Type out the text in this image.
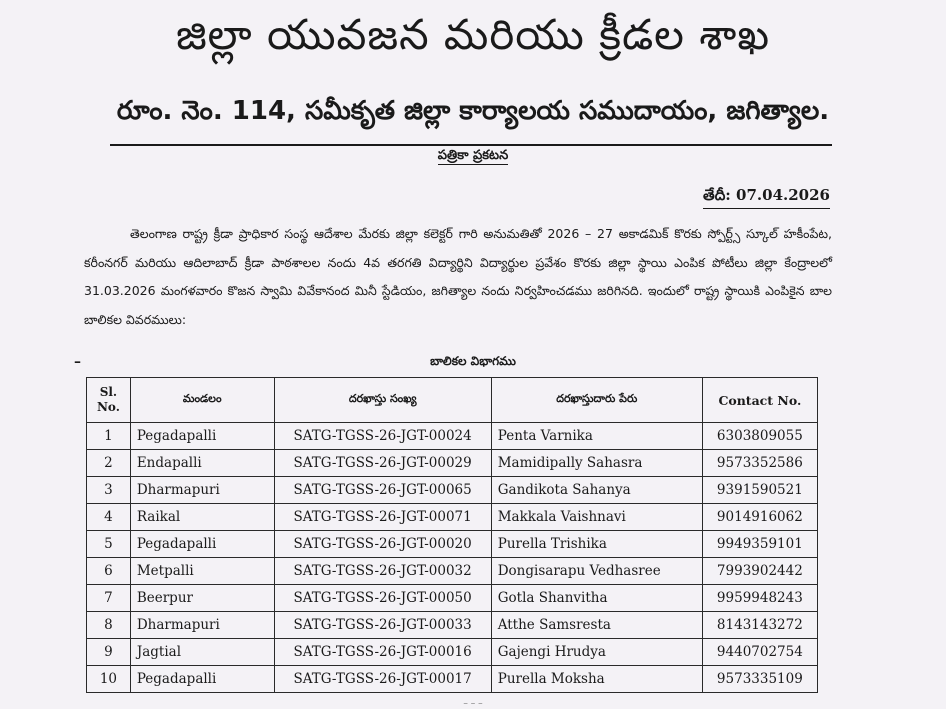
జిల్లా యువజన మరియు క్రీడల శాఖ
రూం. నెం. 114, సమీకృత జిల్లా కార్యాలయ సముదాయం, జగిత్యాల.
పత్రికా ప్రకటన
తేదీ: 07.04.2026
తెలంగాణ రాష్ట్ర క్రీడా ప్రాధికార సంస్థ ఆదేశాల మేరకు జిల్లా కలెక్టర్ గారి అనుమతితో 2026 – 27 అకాడమిక్ కొరకు స్పోర్ట్స్ స్కూల్ హకీంపేట, కరీంనగర్ మరియు ఆదిలాబాద్ క్రీడా పాఠశాలల నందు 4వ తరగతి విద్యార్థిని విద్యార్థుల ప్రవేశం కొరకు జిల్లా స్థాయి ఎంపిక పోటీలు జిల్లా కేంద్రాలలో 31.03.2026 మంగళవారం కొజన స్వామి వివేకానంద మినీ స్టేడియం, జగిత్యాల నందు నిర్వహించడము జరిగినది. ఇందులో రాష్ట్ర స్థాయికి ఎంపికైన బాల బాలికల వివరములు:
–	బాలికల విభాగము
Sl. No.	మండలం	దరఖాస్తు సంఖ్య	దరఖాస్తుదారు పేరు	Contact No.
1	Pegadapalli	SATG-TGSS-26-JGT-00024	Penta Varnika	6303809055
2	Endapalli	SATG-TGSS-26-JGT-00029	Mamidipally Sahasra	9573352586
3	Dharmapuri	SATG-TGSS-26-JGT-00065	Gandikota Sahanya	9391590521
4	Raikal	SATG-TGSS-26-JGT-00071	Makkala Vaishnavi	9014916062
5	Pegadapalli	SATG-TGSS-26-JGT-00020	Purella Trishika	9949359101
6	Metpalli	SATG-TGSS-26-JGT-00032	Dongisarapu Vedhasree	7993902442
7	Beerpur	SATG-TGSS-26-JGT-00050	Gotla Shanvitha	9959948243
8	Dharmapuri	SATG-TGSS-26-JGT-00033	Atthe Samsresta	8143143272
9	Jagtial	SATG-TGSS-26-JGT-00016	Gajengi Hrudya	9440702754
10	Pegadapalli	SATG-TGSS-26-JGT-00017	Purella Moksha	9573335109
– – –
